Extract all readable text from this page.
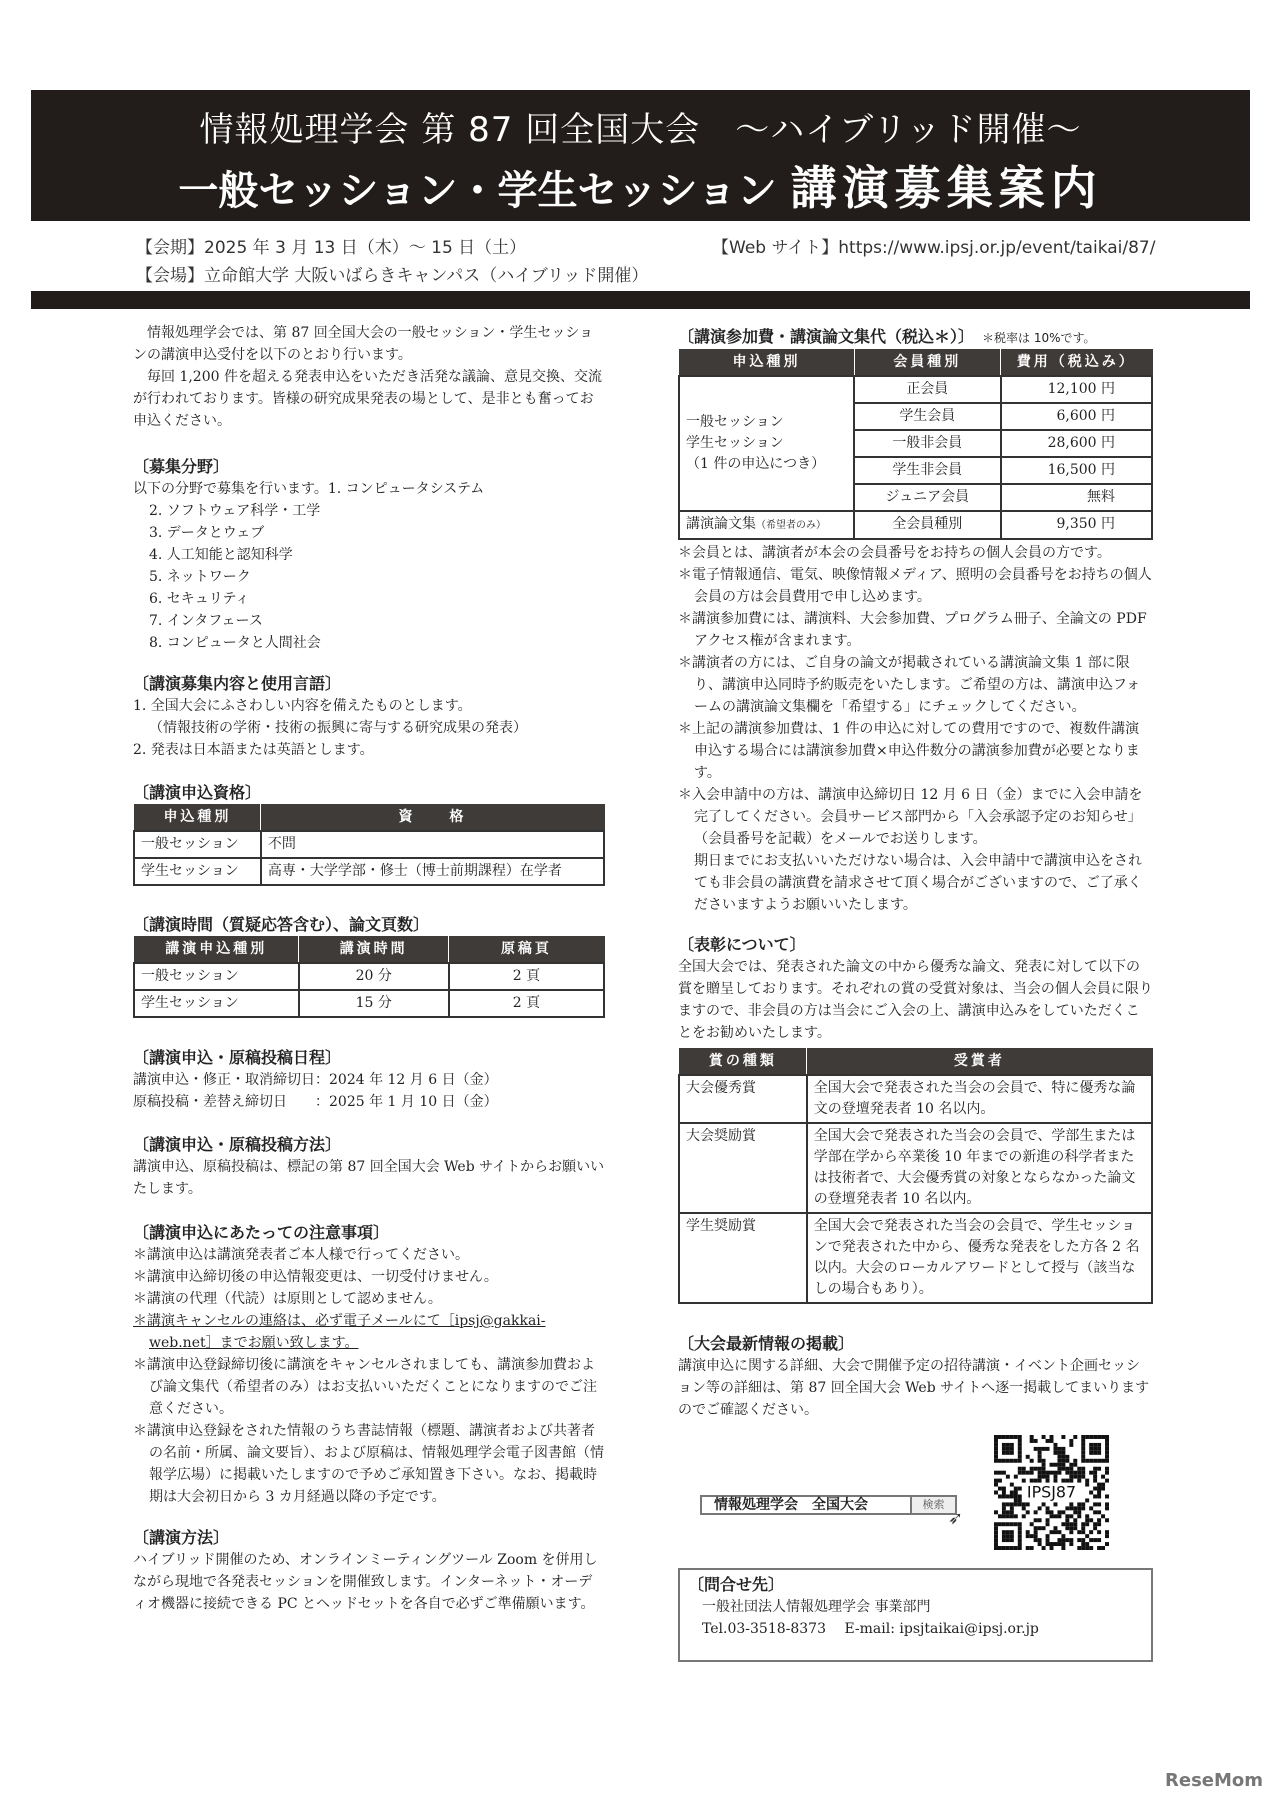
情報処理学会 第 87 回全国大会　～ハイブリッド開催～
一般セッション・学生セッション 講演募集案内
【会期】2025 年 3 月 13 日（木）～ 15 日（土）	【Web サイト】https://www.ipsj.or.jp/event/taikai/87/
【会場】立命館大学 大阪いばらきキャンパス（ハイブリッド開催）

情報処理学会では、第 87 回全国大会の一般セッション・学生セッションの講演申込受付を以下のとおり行います。

毎回 1,200 件を超える発表申込をいただき活発な議論、意見交換、交流が行われております。皆様の研究成果発表の場として、是非とも奮ってお申込ください。

〔募集分野〕
以下の分野で募集を行います。1. コンピュータシステム
2. ソフトウェア科学・工学
3. データとウェブ
4. 人工知能と認知科学
5. ネットワーク
6. セキュリティ
7. インタフェース
8. コンピュータと人間社会
〔講演募集内容と使用言語〕
1. 全国大会にふさわしい内容を備えたものとします。
（情報技術の学術・技術の振興に寄与する研究成果の発表）
2. 発表は日本語または英語とします。
〔講演申込資格〕
申込種別	資　　格
一般セッション	不問
学生セッション	高専・大学学部・修士（博士前期課程）在学者
〔講演時間（質疑応答含む）、論文頁数〕
講演申込種別	講演時間	原稿頁
一般セッション	20 分	2 頁
学生セッション	15 分	2 頁
〔講演申込・原稿投稿日程〕
講演申込・修正・取消締切日：2024 年 12 月 6 日（金）
原稿投稿・差替え締切日　　：2025 年 1 月 10 日（金）
〔講演申込・原稿投稿方法〕

講演申込、原稿投稿は、標記の第 87 回全国大会 Web サイトからお願いいたします。

〔講演申込にあたっての注意事項〕
＊講演申込は講演発表者ご本人様で行ってください。
＊講演申込締切後の申込情報変更は、一切受付けません。
＊講演の代理（代読）は原則として認めません。
＊講演キャンセルの連絡は、必ず電子メールにて［ipsj@gakkai-web.net］までお願い致します。
＊講演申込登録締切後に講演をキャンセルされましても、講演参加費および論文集代（希望者のみ）はお支払いいただくことになりますのでご注意ください。
＊講演申込登録をされた情報のうち書誌情報（標題、講演者および共著者の名前・所属、論文要旨）、および原稿は、情報処理学会電子図書館（情報学広場）に掲載いたしますので予めご承知置き下さい。なお、掲載時期は大会初日から 3 カ月経過以降の予定です。
〔講演方法〕

ハイブリッド開催のため、オンラインミーティングツール Zoom を併用しながら現地で各発表セッションを開催致します。インターネット・オーディオ機器に接続できる PC とヘッドセットを各自で必ずご準備願います。

〔講演参加費・講演論文集代（税込＊）〕 ＊税率は 10%です。
申込種別	会員種別	費用（税込み）
一般セッション
学生セッション
（1 件の申込につき）	正会員	12,100 円
	学生会員	6,600 円
	一般非会員	28,600 円
	学生非会員	16,500 円
	ジュニア会員	無料
講演論文集（希望者のみ）	全会員種別	9,350 円
＊会員とは、講演者が本会の会員番号をお持ちの個人会員の方です。
＊電子情報通信、電気、映像情報メディア、照明の会員番号をお持ちの個人会員の方は会員費用で申し込めます。
＊講演参加費には、講演料、大会参加費、プログラム冊子、全論文の PDF アクセス権が含まれます。
＊講演者の方には、ご自身の論文が掲載されている講演論文集 1 部に限り、講演申込同時予約販売をいたします。ご希望の方は、講演申込フォームの講演論文集欄を「希望する」にチェックしてください。
＊上記の講演参加費は、1 件の申込に対しての費用ですので、複数件講演申込する場合には講演参加費×申込件数分の講演参加費が必要となります。
＊入会申請中の方は、講演申込締切日 12 月 6 日（金）までに入会申請を完了してください。会員サービス部門から「入会承認予定のお知らせ」（会員番号を記載）をメールでお送りします。
期日までにお支払いいただけない場合は、入会申請中で講演申込をされても非会員の講演費を請求させて頂く場合がございますので、ご了承くださいますようお願いいたします。
〔表彰について〕

全国大会では、発表された論文の中から優秀な論文、発表に対して以下の賞を贈呈しております。それぞれの賞の受賞対象は、当会の個人会員に限りますので、非会員の方は当会にご入会の上、講演申込みをしていただくことをお勧めいたします。

賞の種類	受賞者
大会優秀賞	全国大会で発表された当会の会員で、特に優秀な論文の登壇発表者 10 名以内。
大会奨励賞	全国大会で発表された当会の会員で、学部生または学部在学から卒業後 10 年までの新進の科学者または技術者で、大会優秀賞の対象とならなかった論文の登壇発表者 10 名以内。
学生奨励賞	全国大会で発表された当会の会員で、学生セッションで発表された中から、優秀な発表をした方各 2 名以内。大会のローカルアワードとして授与（該当なしの場合もあり）。
〔大会最新情報の掲載〕

講演申込に関する詳細、大会で開催予定の招待講演・イベント企画セッション等の詳細は、第 87 回全国大会 Web サイトへ逐一掲載してまいりますのでご確認ください。

情報処理学会　全国大会	検索
➶
IPSJ87
〔問合せ先〕
一般社団法人情報処理学会 事業部門
Tel.03-3518-8373　 E-mail: ipsjtaikai@ipsj.or.jp
ReseMom
